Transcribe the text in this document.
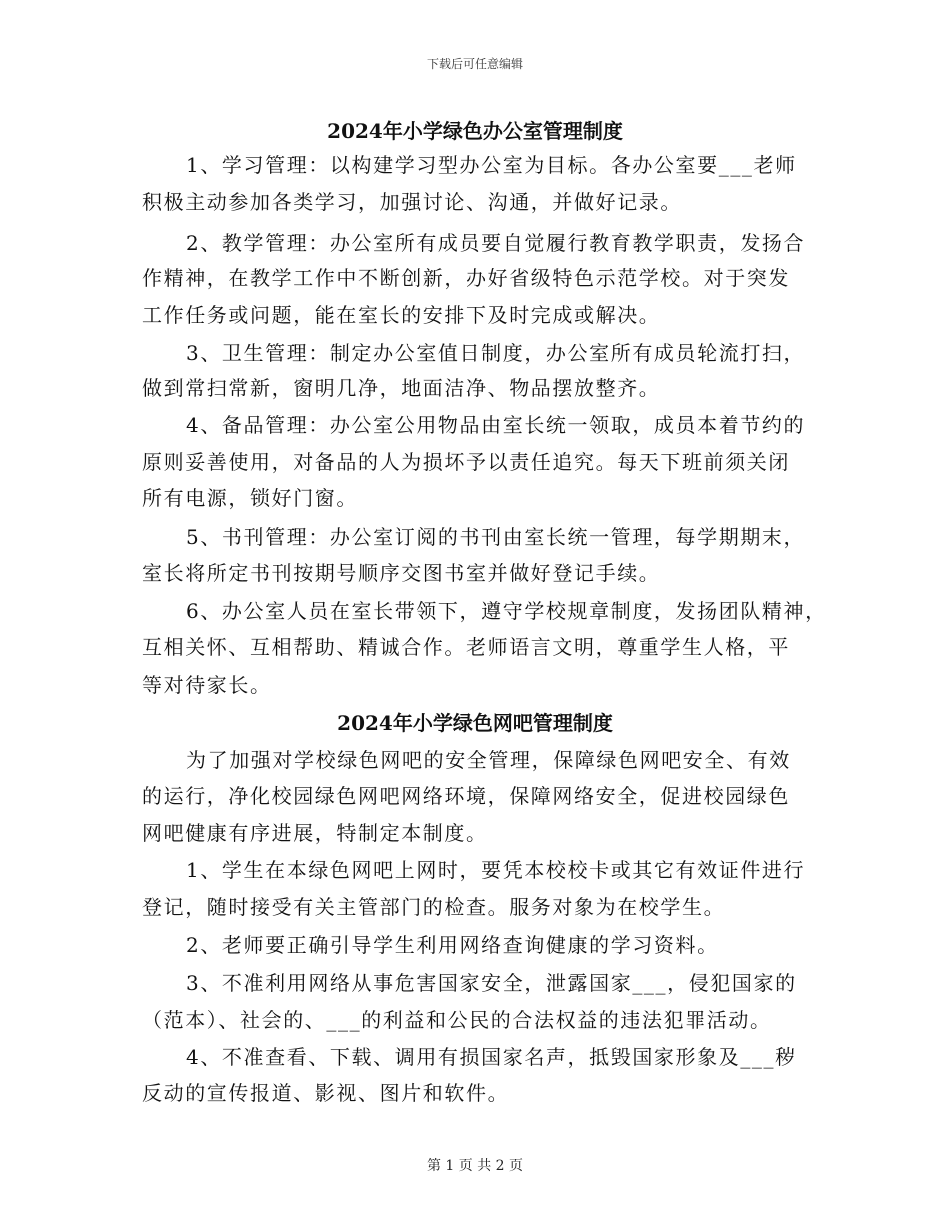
下载后可任意编辑
2024年小学绿色办公室管理制度
1、学习管理：以构建学习型办公室为目标。各办公室要___老师
积极主动参加各类学习，加强讨论、沟通，并做好记录。
2、教学管理：办公室所有成员要自觉履行教育教学职责，发扬合
作精神，在教学工作中不断创新，办好省级特色示范学校。对于突发
工作任务或问题，能在室长的安排下及时完成或解决。
3、卫生管理：制定办公室值日制度，办公室所有成员轮流打扫，
做到常扫常新，窗明几净，地面洁净、物品摆放整齐。
4、备品管理：办公室公用物品由室长统一领取，成员本着节约的
原则妥善使用，对备品的人为损坏予以责任追究。每天下班前须关闭
所有电源，锁好门窗。
5、书刊管理：办公室订阅的书刊由室长统一管理，每学期期末，
室长将所定书刊按期号顺序交图书室并做好登记手续。
6、办公室人员在室长带领下，遵守学校规章制度，发扬团队精神，
互相关怀、互相帮助、精诚合作。老师语言文明，尊重学生人格，平
等对待家长。
2024年小学绿色网吧管理制度
为了加强对学校绿色网吧的安全管理，保障绿色网吧安全、有效
的运行，净化校园绿色网吧网络环境，保障网络安全，促进校园绿色
网吧健康有序进展，特制定本制度。
1、学生在本绿色网吧上网时，要凭本校校卡或其它有效证件进行
登记，随时接受有关主管部门的检查。服务对象为在校学生。
2、老师要正确引导学生利用网络查询健康的学习资料。
3、不准利用网络从事危害国家安全，泄露国家___，侵犯国家的
（范本）、社会的、___的利益和公民的合法权益的违法犯罪活动。
4、不准查看、下载、调用有损国家名声，抵毁国家形象及___秽
反动的宣传报道、影视、图片和软件。
第 1 页 共 2 页
